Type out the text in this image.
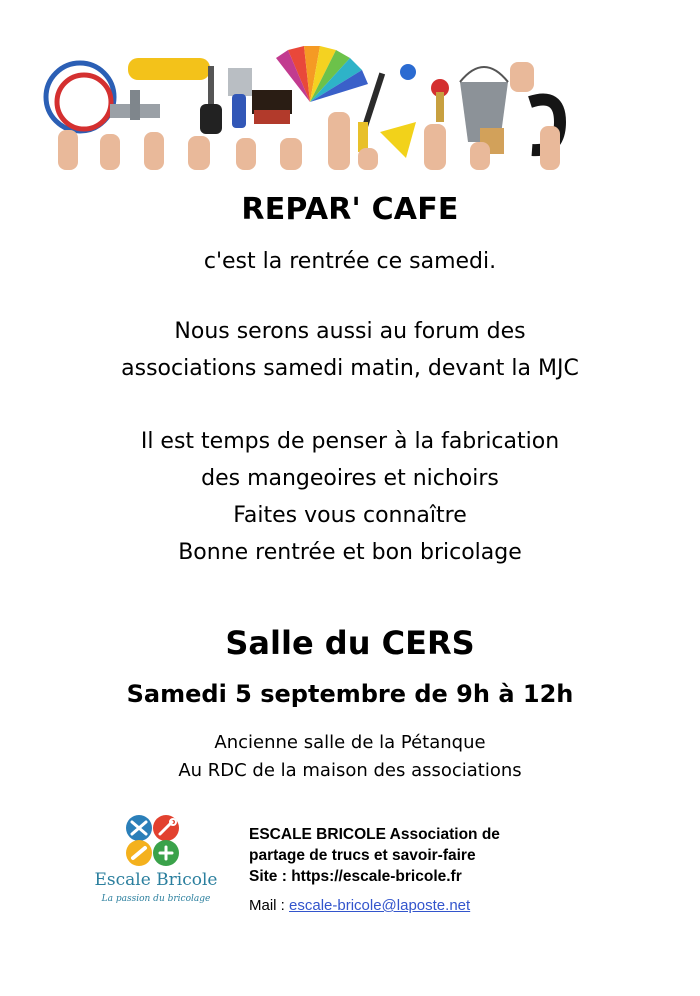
REPAR' CAFE
c'est la rentrée ce samedi.
Nous serons aussi au forum des
associations samedi matin, devant la MJC
Il est temps de penser à la fabrication
des mangeoires et nichoirs
Faites vous connaître
Bonne rentrée et bon bricolage
Salle du CERS
Samedi 5 septembre de 9h à 12h
Ancienne salle de la Pétanque
Au RDC de la maison des associations
Escale Bricole
La passion du bricolage
ESCALE BRICOLE Association de
partage de trucs et savoir-faire
Site : https://escale-bricole.fr
Mail : escale-bricole@laposte.net
